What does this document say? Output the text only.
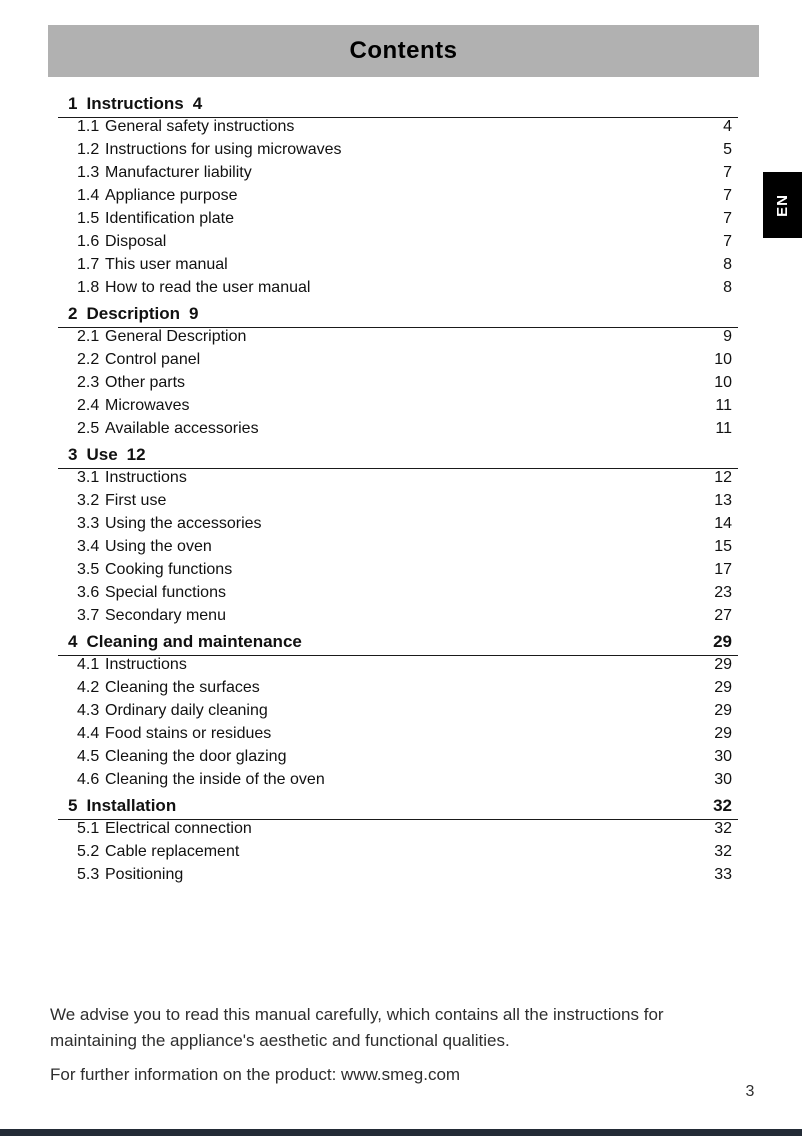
Contents
1 Instructions 4
1.1 General safety instructions	4
1.2 Instructions for using microwaves	5
1.3 Manufacturer liability	7
1.4 Appliance purpose	7
1.5 Identification plate	7
1.6 Disposal	7
1.7 This user manual	8
1.8 How to read the user manual	8
2 Description 9
2.1 General Description	9
2.2 Control panel	10
2.3 Other parts	10
2.4 Microwaves	11
2.5 Available accessories	11
3 Use 12
3.1 Instructions	12
3.2 First use	13
3.3 Using the accessories	14
3.4 Using the oven	15
3.5 Cooking functions	17
3.6 Special functions	23
3.7 Secondary menu	27
4 Cleaning and maintenance	29
4.1 Instructions	29
4.2 Cleaning the surfaces	29
4.3 Ordinary daily cleaning	29
4.4 Food stains or residues	29
4.5 Cleaning the door glazing	30
4.6 Cleaning the inside of the oven	30
5 Installation	32
5.1 Electrical connection	32
5.2 Cable replacement	32
5.3 Positioning	33
EN

We advise you to read this manual carefully, which contains all the instructions for maintaining the appliance's aesthetic and functional qualities.

For further information on the product: www.smeg.com

3
